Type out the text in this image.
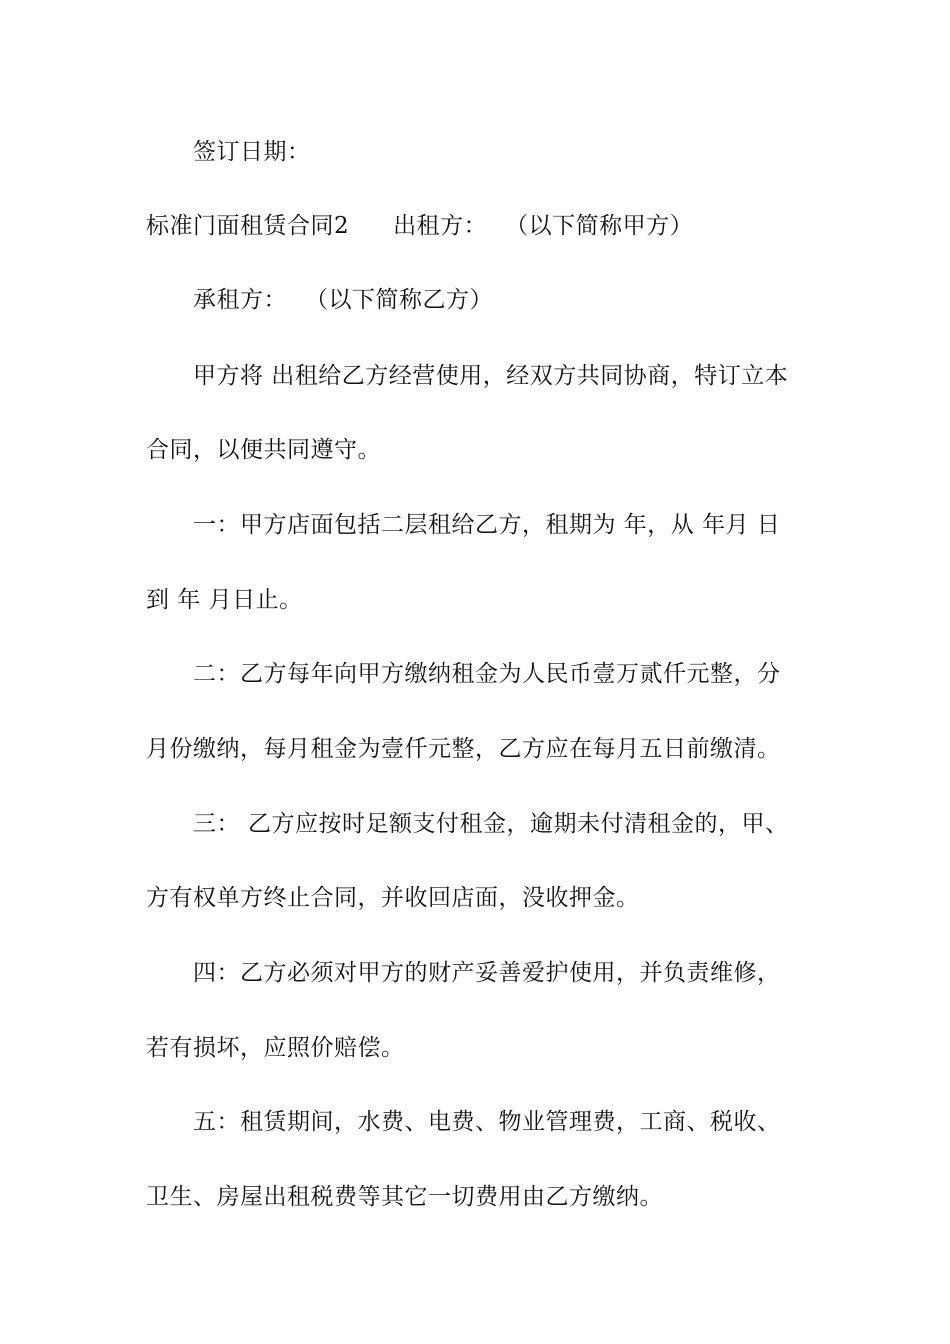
签订日期：
标准门面租赁合同2 出租方： （以下简称甲方）
承租方： （以下简称乙方）
甲方将 出租给乙方经营使用，经双方共同协商，特订立本
合同，以便共同遵守。
一：甲方店面包括二层租给乙方，租期为 年，从 年月 日
到 年 月日止。
二：乙方每年向甲方缴纳租金为人民币壹万贰仟元整，分
月份缴纳，每月租金为壹仟元整，乙方应在每月五日前缴清。
三： 乙方应按时足额支付租金，逾期未付清租金的，甲、
方有权单方终止合同，并收回店面，没收押金。
四：乙方必须对甲方的财产妥善爱护使用，并负责维修，
若有损坏，应照价赔偿。
五：租赁期间，水费、电费、物业管理费，工商、税收、
卫生、房屋出租税费等其它一切费用由乙方缴纳。
